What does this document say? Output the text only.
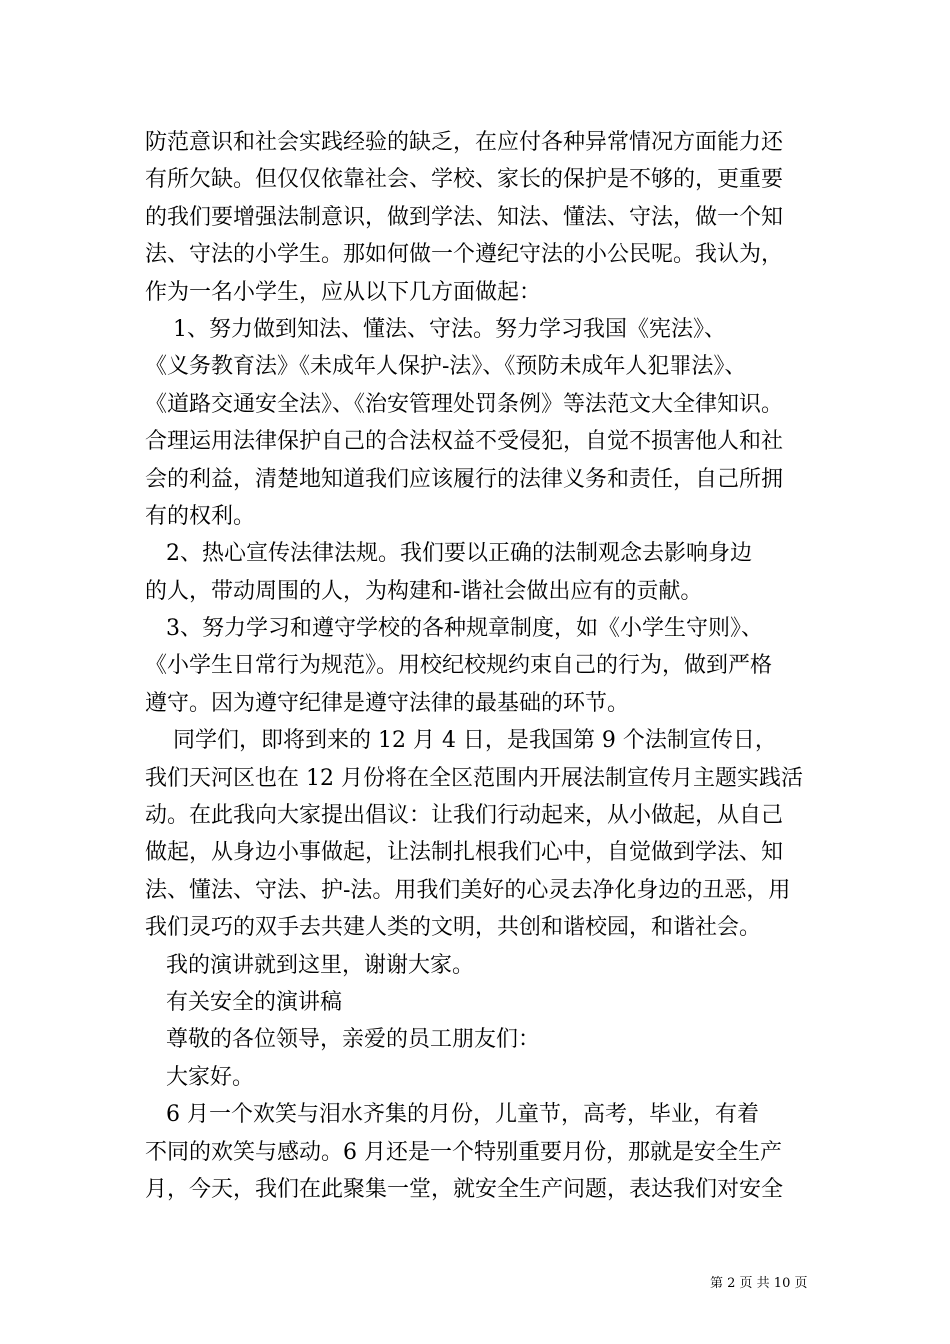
防范意识和社会实践经验的缺乏，在应付各种异常情况方面能力还
有所欠缺。但仅仅依靠社会、学校、家长的保护是不够的，更重要
的我们要增强法制意识，做到学法、知法、懂法、守法，做一个知
法、守法的小学生。那如何做一个遵纪守法的小公民呢。我认为，
作为一名小学生，应从以下几方面做起：
1、努力做到知法、懂法、守法。努力学习我国《宪法》、
《义务教育法》《未成年人保护-法》、《预防未成年人犯罪法》、
《道路交通安全法》、《治安管理处罚条例》等法范文大全律知识。
合理运用法律保护自己的合法权益不受侵犯，自觉不损害他人和社
会的利益，清楚地知道我们应该履行的法律义务和责任，自己所拥
有的权利。
2、热心宣传法律法规。我们要以正确的法制观念去影响身边
的人，带动周围的人，为构建和-谐社会做出应有的贡献。
3、努力学习和遵守学校的各种规章制度，如《小学生守则》、
《小学生日常行为规范》。用校纪校规约束自己的行为，做到严格
遵守。因为遵守纪律是遵守法律的最基础的环节。
同学们，即将到来的 12 月 4 日，是我国第 9 个法制宣传日，
我们天河区也在 12 月份将在全区范围内开展法制宣传月主题实践活
动。在此我向大家提出倡议：让我们行动起来，从小做起，从自己
做起，从身边小事做起，让法制扎根我们心中，自觉做到学法、知
法、懂法、守法、护-法。用我们美好的心灵去净化身边的丑恶，用
我们灵巧的双手去共建人类的文明，共创和谐校园，和谐社会。
我的演讲就到这里，谢谢大家。
有关安全的演讲稿
尊敬的各位领导，亲爱的员工朋友们：
大家好。
6 月一个欢笑与泪水齐集的月份，儿童节，高考，毕业，有着
不同的欢笑与感动。6 月还是一个特别重要月份，那就是安全生产
月，今天，我们在此聚集一堂，就安全生产问题，表达我们对安全
第 2 页 共 10 页
